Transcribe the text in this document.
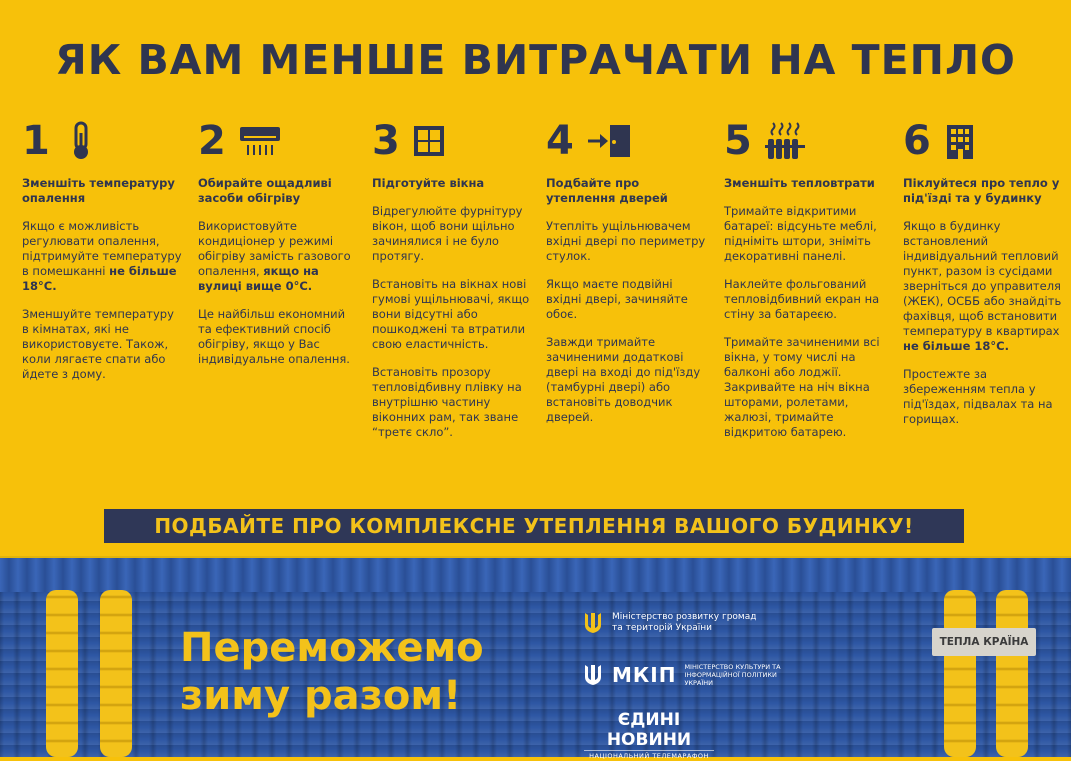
ЯК ВАМ МЕНШЕ ВИТРАЧАТИ НА ТЕПЛО
1
Зменшіть температуру опалення
Якщо є можливість регулювати опалення, підтримуйте температуру в помешканні не більше 18°С.
Зменшуйте температуру в кімнатах, які не використовуєте. Також, коли лягаєте спати або йдете з дому.
2
Обирайте ощадливі засоби обігріву
Використовуйте кондиціонер у режимі обігріву замість газового опалення, якщо на вулиці вище 0°С.
Це найбільш економний та ефективний спосіб обігріву, якщо у Вас індивідуальне опалення.
3
Підготуйте вікна
Відрегулюйте фурнітуру вікон, щоб вони щільно зачинялися і не було протягу.
Встановіть на вікнах нові гумові ущільнювачі, якщо вони відсутні або пошкоджені та втратили свою еластичність.
Встановіть прозору тепловідбивну плівку на внутрішню частину віконних рам, так зване “третє скло”.
4
Подбайте про утеплення дверей
Утепліть ущільнювачем вхідні двері по периметру стулок.
Якщо маєте подвійні вхідні двері, зачиняйте обоє.
Завжди тримайте зачиненими додаткові двері на вході до під'їзду (тамбурні двері) або встановіть доводчик дверей.
5
Зменшіть тепловтрати
Тримайте відкритими батареї: відсуньте меблі, підніміть штори, зніміть декоративні панелі.
Наклейте фольгований тепловідбивний екран на стіну за батареєю.
Тримайте зачиненими всі вікна, у тому числі на балконі або лоджії. Закривайте на ніч вікна шторами, ролетами, жалюзі, тримайте відкритою батарею.
6
Піклуйтеся про тепло у під'їзді та у будинку
Якщо в будинку встановлений індивідуальний тепловий пункт, разом із сусідами зверніться до управителя (ЖЕК), ОСББ або знайдіть фахівця, щоб встановити температуру в квартирах не більше 18°С.
Простежте за збереженням тепла у під'їздах, підвалах та на горищах.
ПОДБАЙТЕ ПРО КОМПЛЕКСНЕ УТЕПЛЕННЯ ВАШОГО БУДИНКУ!
Переможемо
зиму разом!
Міністерство розвитку громад та територій України
МКІП МІНІСТЕРСТВО КУЛЬТУРИ ТА ІНФОРМАЦІЙНОЇ ПОЛІТИКИ УКРАЇНИ
ЄДИНІ НОВИНИ
НАЦІОНАЛЬНИЙ ТЕЛЕМАРАФОН
ТЕПЛА КРАЇНА
